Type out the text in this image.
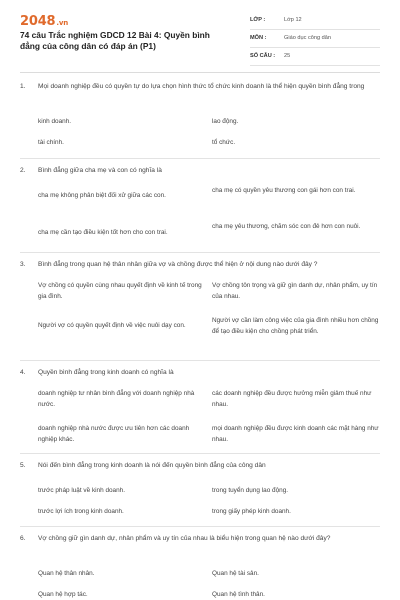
2048.vn
74 câu Trắc nghiệm GDCD 12 Bài 4: Quyền bình đẳng của công dân có đáp án (P1)
LỚP :	Lớp 12
MÔN :	Giáo dục công dân
SỐ CÂU : 25
1. Mọi doanh nghiệp đều có quyền tự do lựa chọn hình thức tổ chức kinh doanh là thể hiện quyền bình đẳng trong
kinh doanh.	lao động.
tài chính.	tổ chức.
2. Bình đẳng giữa cha mẹ và con có nghĩa là
cha mẹ không phân biệt đối xử giữa các con.
cha mẹ có quyền yêu thương con gái hơn con trai.
cha mẹ cần tạo điều kiện tốt hơn cho con trai.
cha mẹ yêu thương, chăm sóc con đẻ hơn con nuôi.
3. Bình đẳng trong quan hệ thân nhân giữa vợ và chồng được thể hiện ở nội dung nào dưới đây ?
Vợ chồng có quyền cùng nhau quyết định về kinh tế trong gia đình.
Vợ chồng tôn trọng và giữ gìn danh dự, nhân phẩm, uy tín của nhau.
Người vợ có quyền quyết định về việc nuôi dạy con.
Người vợ cần làm công việc của gia đình nhiều hơn chồng để tạo điều kiện cho chồng phát triển.
4. Quyền bình đẳng trong kinh doanh có nghĩa là
doanh nghiệp tư nhân bình đẳng với doanh nghiệp nhà nước.
các doanh nghiệp đều được hưởng miễn giảm thuế như nhau.
doanh nghiệp nhà nước được ưu tiên hơn các doanh nghiệp khác.
mọi doanh nghiệp đều được kinh doanh các mặt hàng như nhau.
5. Nói đến bình đẳng trong kinh doanh là nói đến quyền bình đẳng của công dân
trước pháp luật về kinh doanh.	trong tuyển dụng lao động.
trước lợi ích trong kinh doanh.	trong giấy phép kinh doanh.
6. Vợ chồng giữ gìn danh dự, nhân phẩm và uy tín của nhau là biểu hiện trong quan hệ nào dưới đây?
Quan hệ thân nhân.	Quan hệ tài sản.
Quan hệ hợp tác.	Quan hệ tình thân.
